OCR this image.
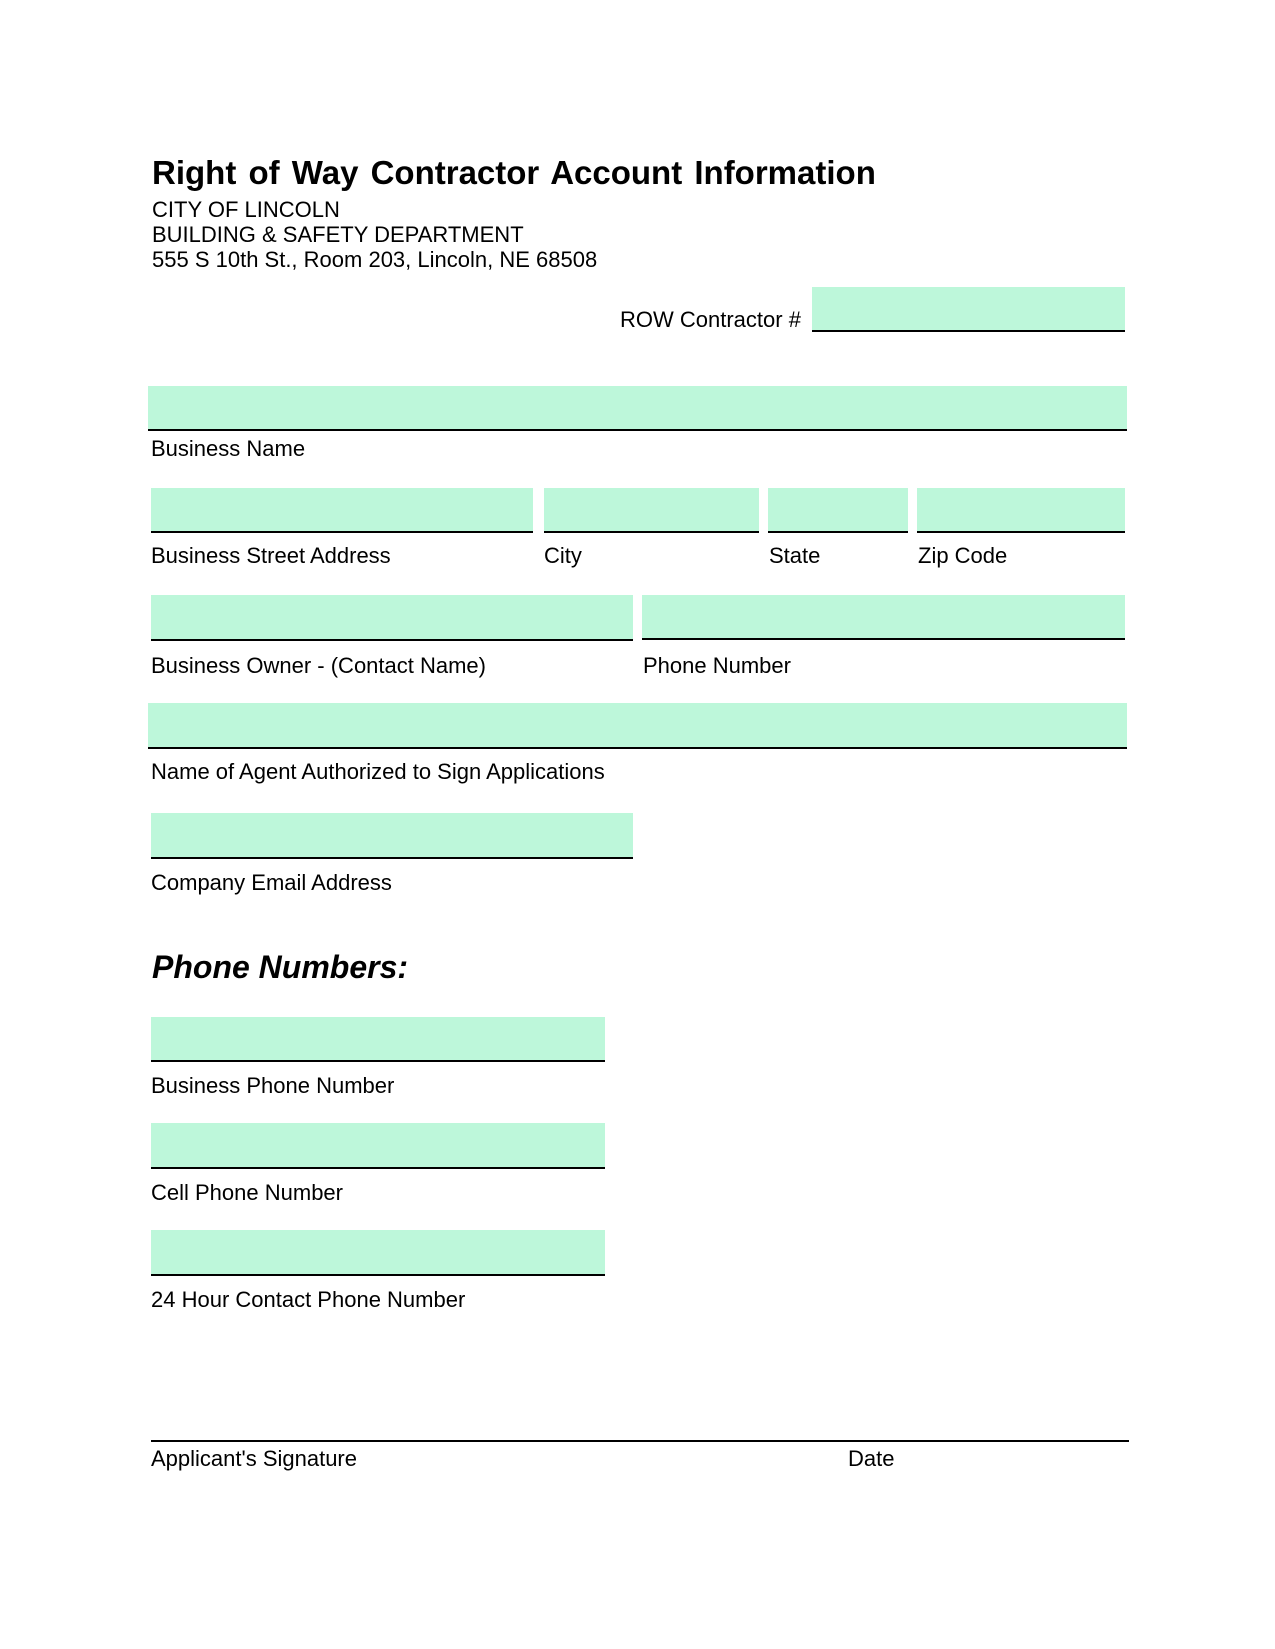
Right of Way Contractor Account Information
CITY OF LINCOLN
BUILDING & SAFETY DEPARTMENT
555 S 10th St., Room 203, Lincoln, NE 68508
ROW Contractor #
Business Name
Business Street Address	City	State	Zip Code
Business Owner - (Contact Name)	Phone Number
Name of Agent Authorized to Sign Applications
Company Email Address
Phone Numbers:
Business Phone Number
Cell Phone Number
24 Hour Contact Phone Number
Applicant's Signature	Date
